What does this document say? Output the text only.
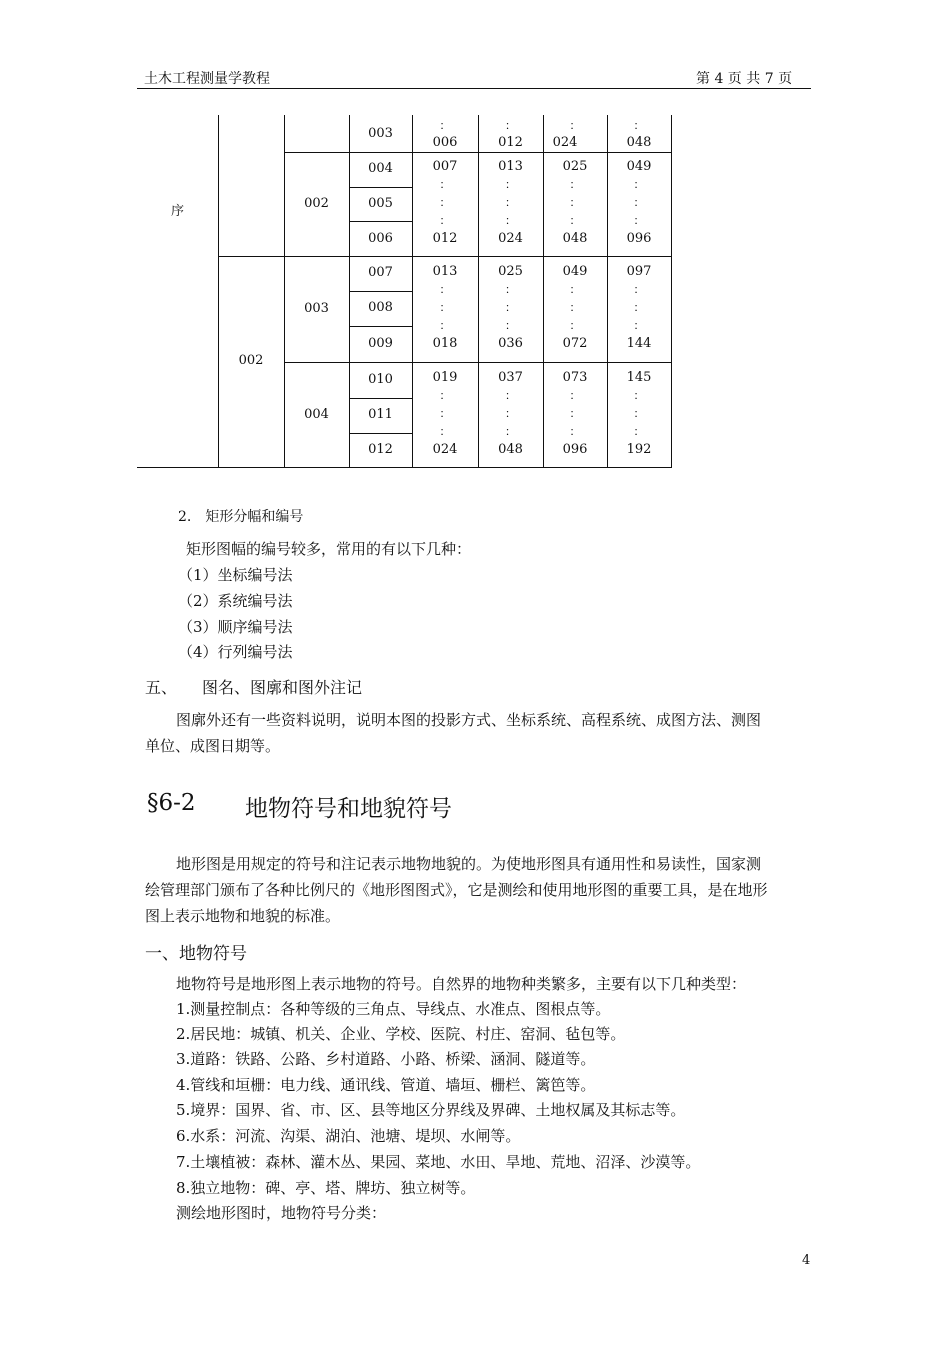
土木工程测量学教程	第 4 页 共 7 页
序
002
002
003
004
003
004
005
006
007
008
009
010
011
012
：
006
：
012
：
024
：
048
007
：
：
：
012
013
：
：
：
024
025
：
：
：
048
049
：
：
：
096
013
：
：
：
018
025
：
：
：
036
049
：
：
：
072
097
：
：
：
144
019
：
：
：
024
037
：
：
：
048
073
：
：
：
096
145
：
：
：
192
2.　矩形分幅和编号
矩形图幅的编号较多，常用的有以下几种：
（1）坐标编号法
（2）系统编号法
（3）顺序编号法
（4）行列编号法
五、 图名、图廓和图外注记
图廓外还有一些资料说明，说明本图的投影方式、坐标系统、高程系统、成图方法、测图
单位、成图日期等。
§6-2 地物符号和地貌符号
地形图是用规定的符号和注记表示地物地貌的。为使地形图具有通用性和易读性，国家测
绘管理部门颁布了各种比例尺的《地形图图式》，它是测绘和使用地形图的重要工具，是在地形
图上表示地物和地貌的标准。
一、地物符号
地物符号是地形图上表示地物的符号。自然界的地物种类繁多，主要有以下几种类型：
1.测量控制点：各种等级的三角点、导线点、水准点、图根点等。
2.居民地：城镇、机关、企业、学校、医院、村庄、窑洞、毡包等。
3.道路：铁路、公路、乡村道路、小路、桥梁、涵洞、隧道等。
4.管线和垣栅：电力线、通讯线、管道、墙垣、栅栏、篱笆等。
5.境界：国界、省、市、区、县等地区分界线及界碑、土地权属及其标志等。
6.水系：河流、沟渠、湖泊、池塘、堤坝、水闸等。
7.土壤植被：森林、灌木丛、果园、菜地、水田、旱地、荒地、沼泽、沙漠等。
8.独立地物：碑、亭、塔、牌坊、独立树等。
测绘地形图时，地物符号分类：
4
